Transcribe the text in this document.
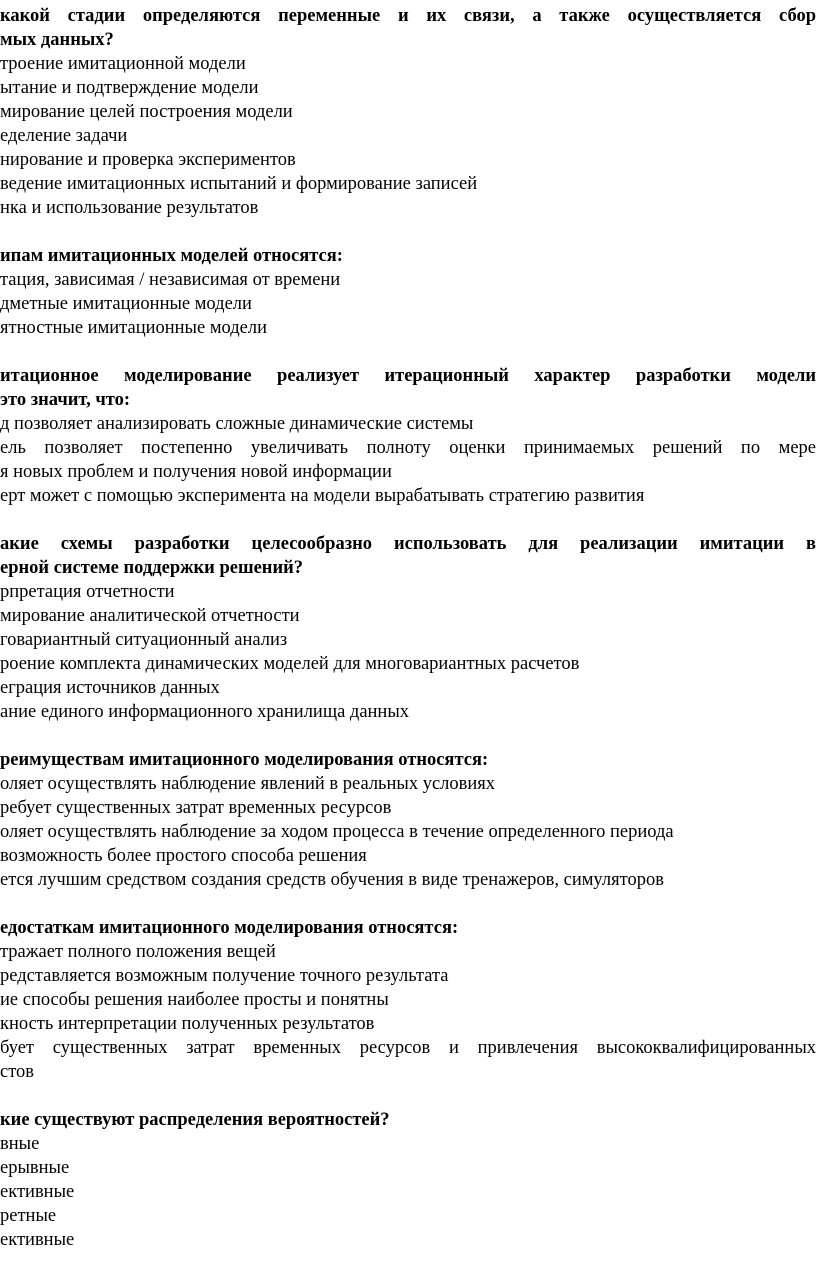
какой стадии определяются переменные и их связи, а также осуществляется сбор
мых данных?
троение имитационной модели
ытание и подтверждение модели
мирование целей построения модели
еделение задачи
нирование и проверка экспериментов
ведение имитационных испытаний и формирование записей
нка и использование результатов
ипам имитационных моделей относятся:
тация, зависимая / независимая от времени
дметные имитационные модели
ятностные имитационные модели
итационное моделирование реализует итерационный характер разработки модели
это значит, что:
д позволяет анализировать сложные динамические системы
ель позволяет постепенно увеличивать полноту оценки принимаемых решений по мере
я новых проблем и получения новой информации
ерт может с помощью эксперимента на модели вырабатывать стратегию развития
акие схемы разработки целесообразно использовать для реализации имитации в
ерной системе поддержки решений?
рпретация отчетности
мирование аналитической отчетности
говариантный ситуационный анализ
роение комплекта динамических моделей для многовариантных расчетов
еграция источников данных
ание единого информационного хранилища данных
реимуществам имитационного моделирования относятся:
оляет осуществлять наблюдение явлений в реальных условиях
ребует существенных затрат временных ресурсов
оляет осуществлять наблюдение за ходом процесса в течение определенного периода
возможность более простого способа решения
ется лучшим средством создания средств обучения в виде тренажеров, симуляторов
едостаткам имитационного моделирования относятся:
тражает полного положения вещей
редставляется возможным получение точного результата
ие способы решения наиболее просты и понятны
кность интерпретации полученных результатов
бует существенных затрат временных ресурсов и привлечения высококвалифицированных
стов
кие существуют распределения вероятностей?
вные
ерывные
ективные
ретные
ективные
